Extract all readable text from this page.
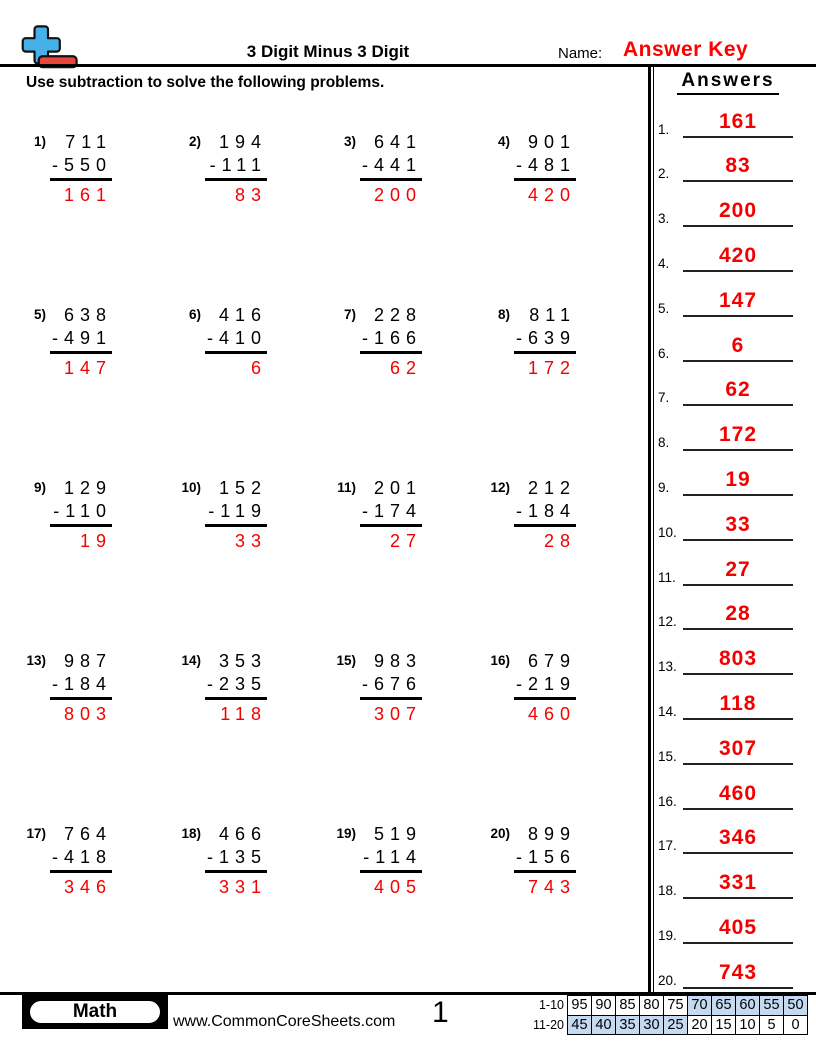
3 Digit Minus 3 Digit	Name: Answer Key
Use subtraction to solve the following problems.	Answers
1.	161
2.	83
3.	200
4.	420
5.	147
6.	6
7.	62
8.	172
9.	19
10.	33
11.	27
12.	28
13.	803
14.	118
15.	307
16.	460
17.	346
18.	331
19.	405
20.	743
1)	711
-550
161
2) 194
-111
83
3) 641
-441
200
4) 901
-481
420
5) 638
-491
147
6) 416
-410
6
7) 228
-166
62
8)	811
-639
172
9) 129
-110
19
10) 152
-119
33
11) 201
-174
27
12) 212
-184
28
13) 987
-184
803
14) 353
-235
118
15) 983
-676
307
16) 679
-219
460
17) 764
-418
346
18) 466
-135
331
19) 519
-114
405
20) 899
-156
743
Math	www.CommonCoreSheets.com 1	1-10 95 90 85 80 75 70 65 60 55 50
11-20 45 40 35 30 25 20 15 10 5	0
